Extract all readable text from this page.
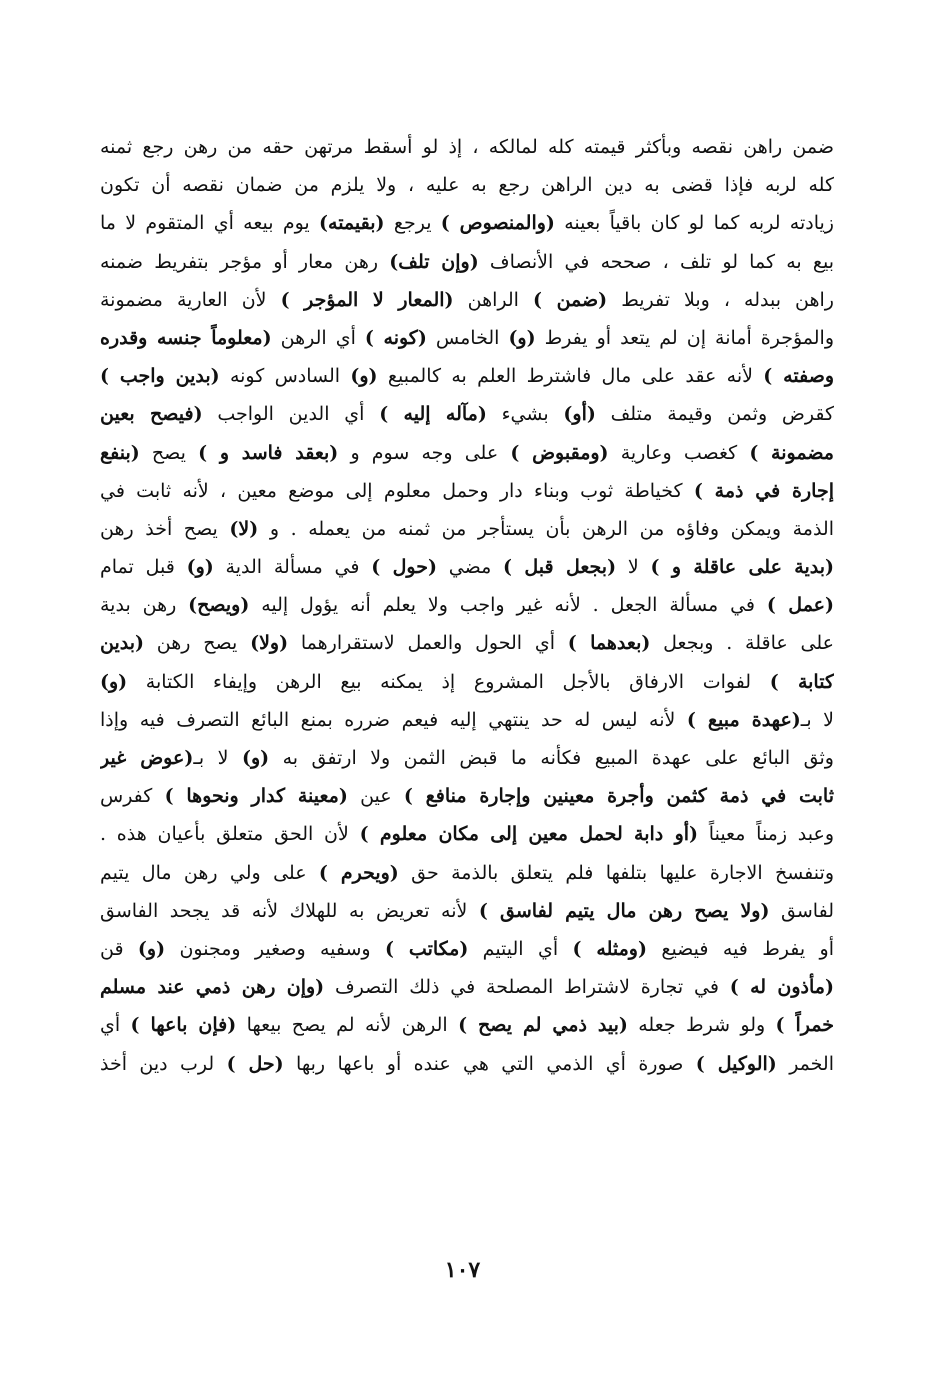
ضمن راهن نقصه وبأكثر قيمته كله لمالكه ، إذ لو أسقط مرتهن حقه من رهن رجع ثمنه
كله لربه فإذا قضى به دين الراهن رجع به عليه ، ولا يلزم من ضمان نقصه أن تكون
زيادته لربه كما لو كان باقياً بعينه (والمنصوص ) يرجع (بقيمته) يوم بيعه أي المتقوم لا ما
بيع به كما لو تلف ، صححه في الأنصاف (وإن تلف) رهن معار أو مؤجر بتفريط ضمنه
راهن ببدله ، وبلا تفريط (ضمن ) الراهن (المعار لا المؤجر ) لأن العارية مضمونة
والمؤجرة أمانة إن لم يتعد أو يفرط (و) الخامس (كونه ) أي الرهن (معلوماً جنسه وقدره
وصفته ) لأنه عقد على مال فاشترط العلم به كالمبيع (و) السادس كونه (بدين واجب )
كقرض وثمن وقيمة متلف (أو) بشيء (مآله إليه ) أي الدين الواجب (فيصح بعين
مضمونة ) كغصب وعارية (ومقبوض ) على وجه سوم و (بعقد فاسد و ) يصح (بنفع
إجارة في ذمة ) كخياطة ثوب وبناء دار وحمل معلوم إلى موضع معين ، لأنه ثابت في
الذمة ويمكن وفاؤه من الرهن بأن يستأجر من ثمنه من يعمله . و (لا) يصح أخذ رهن
(بدية على عاقلة و ) لا (بجعل قبل ) مضي (حول ) في مسألة الدية (و) قبل تمام
(عمل ) في مسألة الجعل . لأنه غير واجب ولا يعلم أنه يؤول إليه (ويصح) رهن بدية
على عاقلة . وبجعل (بعدهما ) أي الحول والعمل لاستقرارهما (ولا) يصح رهن (بدين
كتابة ) لفوات الارفاق بالأجل المشروع إذ يمكنه بيع الرهن وإيفاء الكتابة (و)
لا بـ(عهدة مبيع ) لأنه ليس له حد ينتهي إليه فيعم ضرره بمنع البائع التصرف فيه وإذا
وثق البائع على عهدة المبيع فكأنه ما قبض الثمن ولا ارتفق به (و) لا بـ(عوض غير
ثابت في ذمة كثمن وأجرة معينين وإجارة منافع ) عين (معينة كدار ونحوها ) كفرس
وعبد زمناً معيناً (أو دابة لحمل معين إلى مكان معلوم ) لأن الحق متعلق بأعيان هذه .
وتنفسخ الاجارة عليها بتلفها فلم يتعلق بالذمة حق (ويحرم ) على ولي رهن مال يتيم
لفاسق (ولا يصح رهن مال يتيم لفاسق ) لأنه تعريض به للهلاك لأنه قد يجحد الفاسق
أو يفرط فيه فيضيع (ومثله ) أي اليتيم (مكاتب ) وسفيه وصغير ومجنون (و) قن
(مأذون له ) في تجارة لاشتراط المصلحة في ذلك التصرف (وإن رهن ذمي عند مسلم
خمراً ) ولو شرط جعله (بيد ذمي لم يصح ) الرهن لأنه لم يصح بيعها (فإن باعها ) أي
الخمر (الوكيل ) صورة أي الذمي التي هي عنده أو باعها ربها (حل ) لرب دين أخذ
١٠٧
